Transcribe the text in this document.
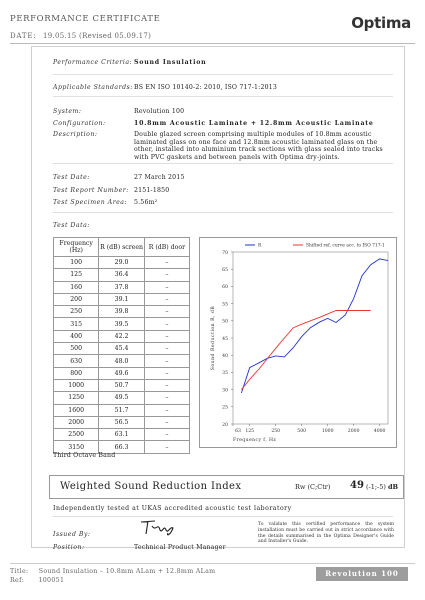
PERFORMANCE CERTIFICATE
DATE: 19.05.15 (Revised 05.09.17)
Optima
Performance Criteria: Sound Insulation
Applicable Standards: BS EN ISO 10140-2: 2010, ISO 717-1:2013
System:	Revolution 100
Configuration:	10.8mm Acoustic Laminate + 12.8mm Acoustic Laminate
Description:	Double glazed screen comprising multiple modules of 10.8mm acoustic laminated glass on one face and 12.8mm acoustic laminated glass on the other, installed into aluminium track sections with glass sealed into tracks with PVC gaskets and between panels with Optima dry-joints.
Test Date:	27 March 2015
Test Report Number: 2151-1850
Test Specimen Area: 5.56m²
Test Data:
Frequency (Hz)	R (dB) screen	R (dB) door
100	29.0	–
125	36.4	–
160	37.8	–
200	39.1	–
250	39.8	–
315	39.5	–
400	42.2	–
500	45.4	–
630	48.0	–
800	49.6	–
1000	50.7	–
1250	49.5	–
1600	51.7	–
2000	56.5	–
2500	63.1	–
3150	66.3	–
Third Octave Band
20
25
30
35
40
45
50
55
60
65
70
63 125	250	500	1000	2000	4000
Sound Reduction R, dB
Frequency f, Hz
R	Shifted ref. curve acc. to ISO 717-1
Weighted Sound Reduction Index	Rw (C;Ctr) 49 (-1;-5) dB
Independently tested at UKAS accredited acoustic test laboratory
Issued By:
Position:	Technical Product Manager
To validate this certified performance the system installation must be carried out in strict accordance with the details summarised in the Optima Designer's Guide and Installer's Guide.
Title: Sound Insulation – 10.8mm ALam + 12.8mm ALam
Ref: 100051
Revolution 100
